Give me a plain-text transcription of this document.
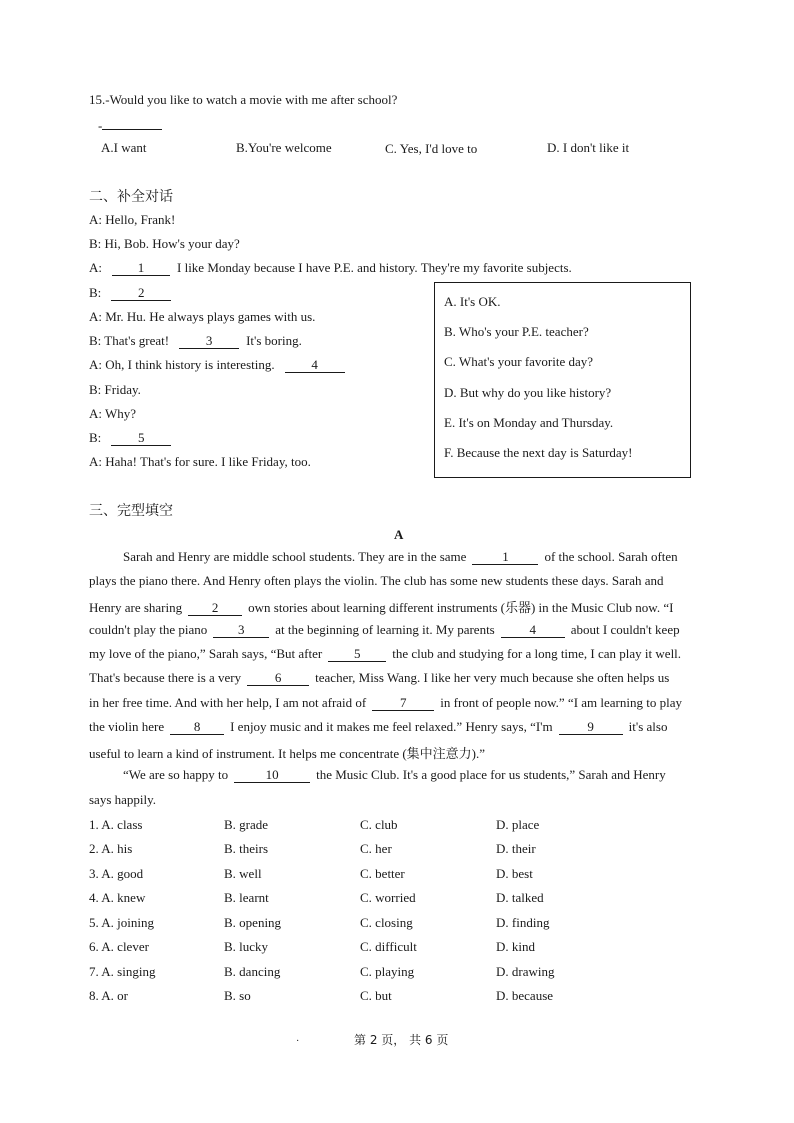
15.-Would you like to watch a movie with me after school?
-
A.I want	B.You're welcome	C. Yes, I'd love to	D. I don't like it
二、补全对话
A: Hello, Frank!
B: Hi, Bob. How's your day?
A:	1	I like Monday because I have P.E. and history. They're my favorite subjects.
B:	2
A: Mr. Hu. He always plays games with us.
B: That's great!	3	It's boring.
A: Oh, I think history is interesting.	4
B: Friday.
A: Why?
B:	5
A: Haha! That's for sure. I like Friday, too.
A. It's OK.
B. Who's your P.E. teacher?
C. What's your favorite day?
D. But why do you like history?
E. It's on Monday and Thursday.
F. Because the next day is Saturday!
三、完型填空
A
Sarah and Henry are middle school students. They are in the same	1	of the school. Sarah often
plays the piano there. And Henry often plays the violin. The club has some new students these days. Sarah and
Henry are sharing 2 own stories about learning different instruments (乐器) in the Music Club now. “I
couldn't play the piano 3 at the beginning of learning it. My parents	4	about I couldn't keep
my love of the piano,” Sarah says, “But after 5 the club and studying for a long time, I can play it well.
That's because there is a very	6	teacher, Miss Wang. I like her very much because she often helps us
in her free time. And with her help, I am not afraid of	7	in front of people now.” “I am learning to play
the violin here 8 I enjoy music and it makes me feel relaxed.” Henry says, “I'm	9	it's also
useful to learn a kind of instrument. It helps me concentrate (集中注意力).”
“We are so happy to	10	the Music Club. It's a good place for us students,” Sarah and Henry
says happily.
1. A. class	B. grade	C. club	D. place
2. A. his	B. theirs	C. her	D. their
3. A. good	B. well	C. better	D. best
4. A. knew	B. learnt	C. worried	D. talked
5. A. joining	B. opening	C. closing	D. finding
6. A. clever	B. lucky	C. difficult	D. kind
7. A. singing	B. dancing	C. playing	D. drawing
8. A. or	B. so	C. but	D. because
·	第 2 页， 共 6 页
